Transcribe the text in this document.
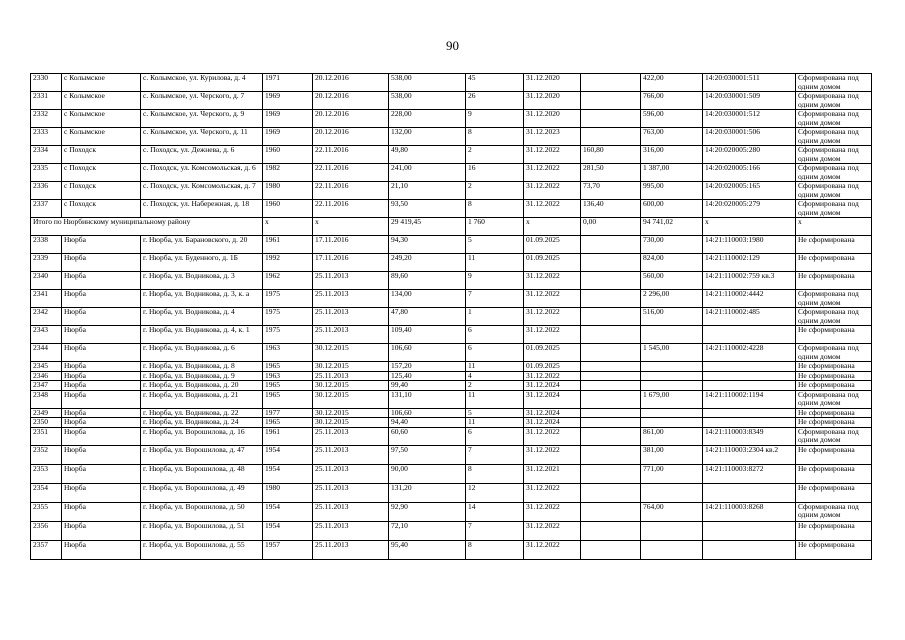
90
2330	с Колымское	с. Колымское, ул. Курилова, д. 4	1971	20.12.2016	538,00	45	31.12.2020		422,00	14:20:030001:511	Сформирована под одним домом
2331	с Колымское	с. Колымское, ул. Черского, д. 7	1969	20.12.2016	538,00	26	31.12.2020		766,00	14:20:030001:509	Сформирована под одним домом
2332	с Колымское	с. Колымское, ул. Черского, д. 9	1969	20.12.2016	228,00	9	31.12.2020		596,00	14:20:030001:512	Сформирована под одним домом
2333	с Колымское	с. Колымское, ул. Черского, д. 11	1969	20.12.2016	132,00	8	31.12.2023		763,00	14:20:030001:506	Сформирована под одним домом
2334	с Походск	с. Походск, ул. Дежнева, д. 6	1960	22.11.2016	49,80	2	31.12.2022	160,80	316,00	14:20:020005:280	Сформирована под одним домом
2335	с Походск	с. Походск, ул. Комсомольская, д. 6	1982	22.11.2016	241,00	16	31.12.2022	281,50	1 387,00	14:20:020005:166	Сформирована под одним домом
2336	с Походск	с. Походск, ул. Комсомольская, д. 7	1980	22.11.2016	21,10	2	31.12.2022	73,70	995,00	14:20:020005:165	Сформирована под одним домом
2337	с Походск	с. Походск, ул. Набережная, д. 18	1960	22.11.2016	93,50	8	31.12.2022	136,40	600,00	14:20:020005:279	Сформирована под одним домом
Итого по Нюрбинскому муниципальному району			х	х	29 419,45	1 760	х	0,00	94 741,02	х	х
2338	Нюрба	г. Нюрба, ул. Барановского, д. 20	1961	17.11.2016	94,30	5	01.09.2025		730,00	14:21:110003:1980	Не сформирована
2339	Нюрба	г. Нюрба, ул. Буденного, д. 1Б	1992	17.11.2016	249,20	11	01.09.2025		824,00	14:21:110002:129	Не сформирована
2340	Нюрба	г. Нюрба, ул. Водникова, д. 3	1962	25.11.2013	89,60	9	31.12.2022		560,00	14:21:110002:759 кв.3	Не сформирована
2341	Нюрба	г. Нюрба, ул. Водникова, д. 3, к. а	1975	25.11.2013	134,00	7	31.12.2022		2 296,00	14:21:110002:4442	Сформирована под одним домом
2342	Нюрба	г. Нюрба, ул. Водникова, д. 4	1975	25.11.2013	47,80	1	31.12.2022		516,00	14:21:110002:485	Сформирована под одним домом
2343	Нюрба	г. Нюрба, ул. Водникова, д. 4, к. 1	1975	25.11.2013	109,40	6	31.12.2022				Не сформирована
2344	Нюрба	г. Нюрба, ул. Водникова, д. 6	1963	30.12.2015	106,60	6	01.09.2025		1 545,00	14:21:110002:4228	Сформирована под одним домом
2345	Нюрба	г. Нюрба, ул. Водникова, д. 8	1965	30.12.2015	157,20	11	01.09.2025				Не сформирована
2346	Нюрба	г. Нюрба, ул. Водникова, д. 9	1963	25.11.2013	125,40	4	31.12.2022				Не сформирована
2347	Нюрба	г. Нюрба, ул. Водникова, д. 20	1965	30.12.2015	99,40	2	31.12.2024				Не сформирована
2348	Нюрба	г. Нюрба, ул. Водникова, д. 21	1965	30.12.2015	131,10	11	31.12.2024		1 679,00	14:21:110002:1194	Сформирована под одним домом
2349	Нюрба	г. Нюрба, ул. Водникова, д. 22	1977	30.12.2015	106,60	5	31.12.2024				Не сформирована
2350	Нюрба	г. Нюрба, ул. Водникова, д. 24	1965	30.12.2015	94,40	11	31.12.2024				Не сформирована
2351	Нюрба	г. Нюрба, ул. Ворошилова, д. 16	1961	25.11.2013	60,60	6	31.12.2022		861,00	14:21:110003:8349	Сформирована под одним домом
2352	Нюрба	г. Нюрба, ул. Ворошилова, д. 47	1954	25.11.2013	97,50	7	31.12.2022		381,00	14:21:110003:2304 кв.2	Не сформирована
2353	Нюрба	г. Нюрба, ул. Ворошилова, д. 48	1954	25.11.2013	90,00	8	31.12.2021		771,00	14:21:110003:8272	Не сформирована
2354	Нюрба	г. Нюрба, ул. Ворошилова, д. 49	1980	25.11.2013	131,20	12	31.12.2022				Не сформирована
2355	Нюрба	г. Нюрба, ул. Ворошилова, д. 50	1954	25.11.2013	92,90	14	31.12.2022		764,00	14:21:110003:8268	Сформирована под одним домом
2356	Нюрба	г. Нюрба, ул. Ворошилова, д. 51	1954	25.11.2013	72,10	7	31.12.2022				Не сформирована
2357	Нюрба	г. Нюрба, ул. Ворошилова, д. 55	1957	25.11.2013	95,40	8	31.12.2022				Не сформирована
